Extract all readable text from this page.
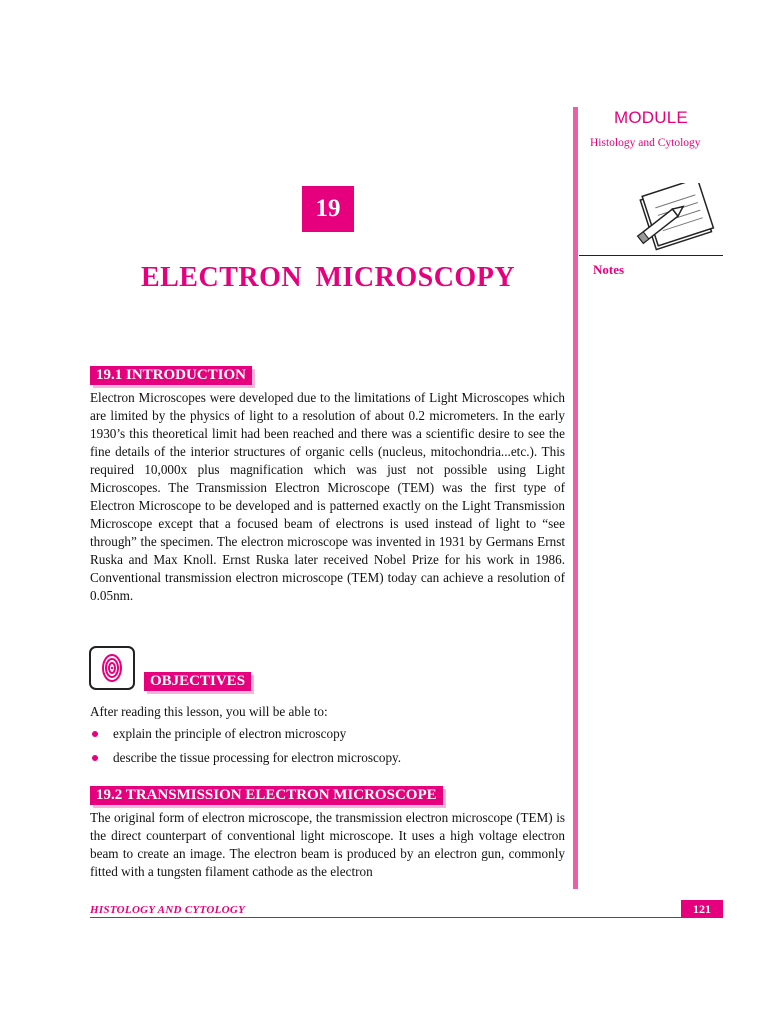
MODULE
Histology and Cytology
Notes
19
ELECTRON MICROSCOPY
19.1 INTRODUCTION

Electron Microscopes were developed due to the limitations of Light Microscopes which are limited by the physics of light to a resolution of about 0.2 micrometers. In the early 1930’s this theoretical limit had been reached and there was a scientific desire to see the fine details of the interior structures of organic cells (nucleus, mitochondria...etc.). This required 10,000x plus magnification which was just not possible using Light Microscopes. The Transmission Electron Microscope (TEM) was the first type of Electron Microscope to be developed and is patterned exactly on the Light Transmission Microscope except that a focused beam of electrons is used instead of light to “see through” the specimen. The electron microscope was invented in 1931 by Germans Ernst Ruska and Max Knoll. Ernst Ruska later received Nobel Prize for his work in 1986. Conventional transmission electron microscope (TEM) today can achieve a resolution of 0.05nm.

OBJECTIVES

After reading this lesson, you will be able to:

explain the principle of electron microscopy
describe the tissue processing for electron microscopy.
19.2 TRANSMISSION ELECTRON MICROSCOPE

The original form of electron microscope, the transmission electron microscope (TEM) is the direct counterpart of conventional light microscope. It uses a high voltage electron beam to create an image. The electron beam is produced by an electron gun, commonly fitted with a tungsten filament cathode as the electron

HISTOLOGY AND CYTOLOGY	121
